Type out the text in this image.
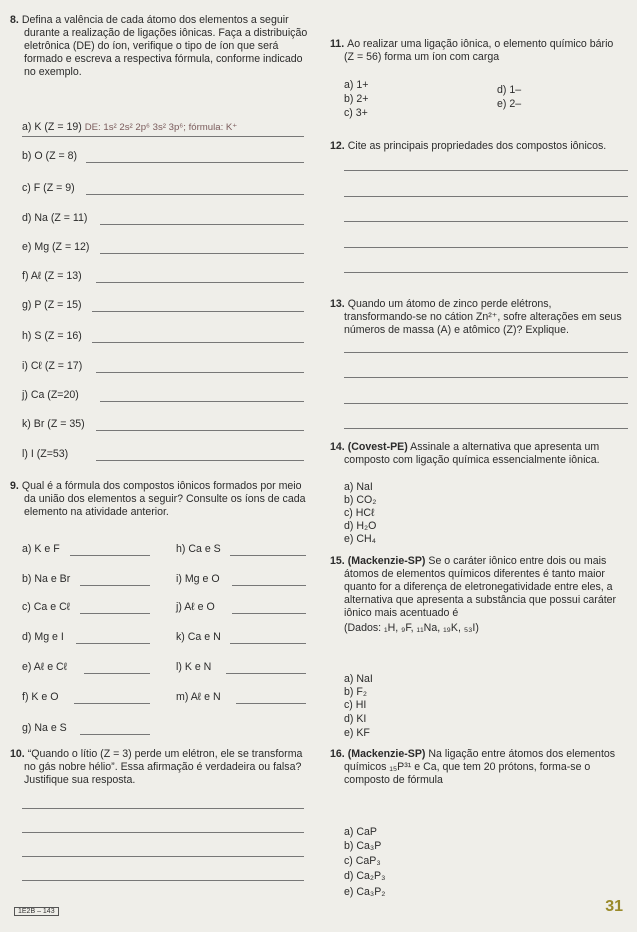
8. Defina a valência de cada átomo dos elementos a seguir durante a realização de ligações iônicas. Faça a distribuição eletrônica (DE) do íon, verifique o tipo de íon que será formado e escreva a respectiva fórmula, conforme indicado no exemplo.

a) K (Z = 19) DE: 1s² 2s² 2p⁶ 3s² 3p⁶; fórmula: K⁺
b) O (Z = 8)
c) F (Z = 9)
d) Na (Z = 11)
e) Mg (Z = 12)
f) Aℓ (Z = 13)
g) P (Z = 15)
h) S (Z = 16)
i) Cℓ (Z = 17)
j) Ca (Z=20)
k) Br (Z = 35)
l) I (Z=53)

9. Qual é a fórmula dos compostos iônicos formados por meio da união dos elementos a seguir? Consulte os íons de cada elemento na atividade anterior.

a) K e F	h) Ca e S
b) Na e Br	i) Mg e O
c) Ca e Cℓ	j) Aℓ e O
d) Mg e I	k) Ca e N
e) Aℓ e Cℓ	l) K e N
f) K e O	m) Aℓ e N
g) Na e S

10. “Quando o lítio (Z = 3) perde um elétron, ele se transforma no gás nobre hélio”. Essa afirmação é verdadeira ou falsa? Justifique sua resposta.

11. Ao realizar uma ligação iônica, o elemento químico bário (Z = 56) forma um íon com carga

a) 1+
b) 2+
c) 3+
d) 1–
e) 2–

12. Cite as principais propriedades dos compostos iônicos.

13. Quando um átomo de zinco perde elétrons, transformando-se no cátion Zn²⁺, sofre alterações em seus números de massa (A) e atômico (Z)? Explique.

14. (Covest-PE) Assinale a alternativa que apresenta um composto com ligação química essencialmente iônica.

a) NaI
b) CO₂
c) HCℓ
d) H₂O
e) CH₄

15. (Mackenzie-SP) Se o caráter iônico entre dois ou mais átomos de elementos químicos diferentes é tanto maior quanto for a diferença de eletronegatividade entre eles, a alternativa que apresenta a substância que possui caráter iônico mais acentuado é

(Dados: ₁H, ₉F, ₁₁Na, ₁₉K, ₅₃I)

a) NaI
b) F₂
c) HI
d) KI
e) KF

16. (Mackenzie-SP) Na ligação entre átomos dos elementos químicos ₁₅P³¹ e Ca, que tem 20 prótons, forma-se o composto de fórmula

a) CaP
b) Ca₃P
c) CaP₃
d) Ca₂P₃
e) Ca₃P₂
1E2B – 143	31
